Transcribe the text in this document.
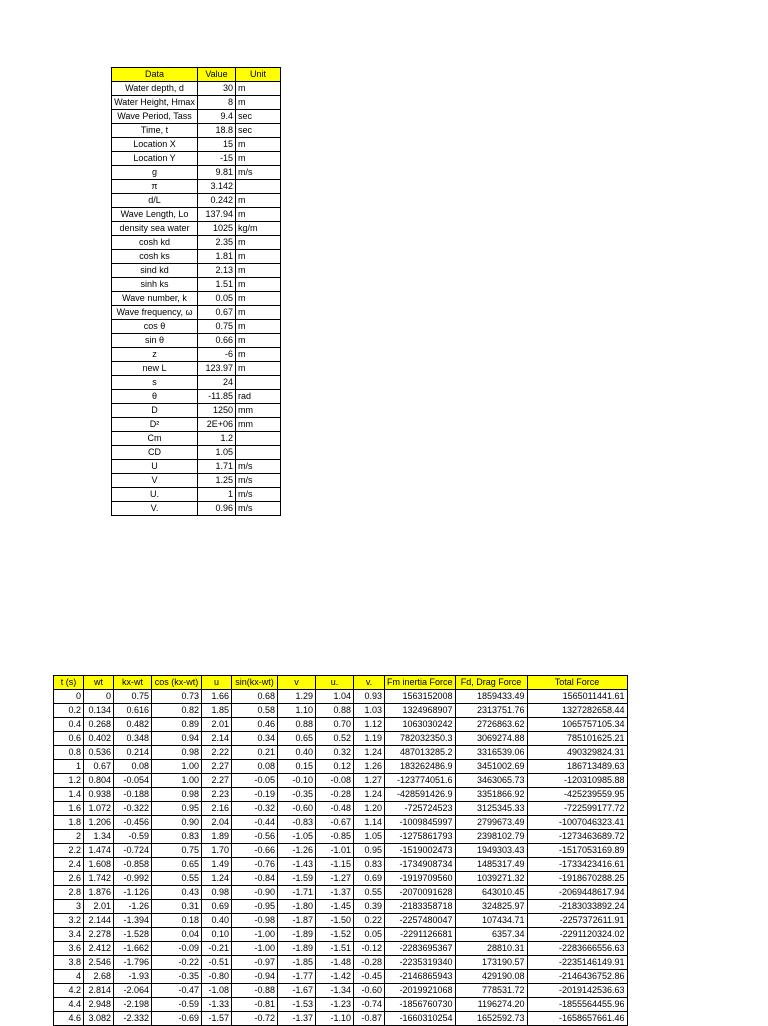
Data	Value	Unit
Water depth, d	30	m
Water Height, Hmax	8	m
Wave Period, Tass	9.4	sec
Time, t	18.8	sec
Location X	15	m
Location Y	-15	m
g	9.81	m/s
π	3.142	
d/L	0.242	m
Wave Length, Lo	137.94	m
density sea water	1025	kg/m
cosh kd	2.35	m
cosh ks	1.81	m
sind kd	2.13	m
sinh ks	1.51	m
Wave number, k	0.05	m
Wave frequency, ω	0.67	m
cos θ	0.75	m
sin θ	0.66	m
z	-6	m
new L	123.97	m
s	24	
θ	-11.85	rad
D	1250	mm
D²	2E+06	mm
Cm	1.2	
CD	1.05	
U	1.71	m/s
V	1.25	m/s
U.	1	m/s
V.	0.96	m/s
t (s)	wt	kx-wt	cos (kx-wt)	u	sin(kx-wt)	v	u.	v.	Fm inertia Force	Fd, Drag Force	Total Force
0	0	0.75	0.73	1.66	0.68	1.29	1.04	0.93	1563152008	1859433.49	1565011441.61
0.2	0.134	0.616	0.82	1.85	0.58	1.10	0.88	1.03	1324968907	2313751.76	1327282658.44
0.4	0.268	0.482	0.89	2.01	0.46	0.88	0.70	1.12	1063030242	2726863.62	1065757105.34
0.6	0.402	0.348	0.94	2.14	0.34	0.65	0.52	1.19	782032350.3	3069274.88	785101625.21
0.8	0.536	0.214	0.98	2.22	0.21	0.40	0.32	1.24	487013285.2	3316539.06	490329824.31
1	0.67	0.08	1.00	2.27	0.08	0.15	0.12	1.26	183262486.9	3451002.69	186713489.63
1.2	0.804	-0.054	1.00	2.27	-0.05	-0.10	-0.08	1.27	-123774051.6	3463065.73	-120310985.88
1.4	0.938	-0.188	0.98	2.23	-0.19	-0.35	-0.28	1.24	-428591426.9	3351866.92	-425239559.95
1.6	1.072	-0.322	0.95	2.16	-0.32	-0.60	-0.48	1.20	-725724523	3125345.33	-722599177.72
1.8	1.206	-0.456	0.90	2.04	-0.44	-0.83	-0.67	1.14	-1009845997	2799673.49	-1007046323.41
2	1.34	-0.59	0.83	1.89	-0.56	-1.05	-0.85	1.05	-1275861793	2398102.79	-1273463689.72
2.2	1.474	-0.724	0.75	1.70	-0.66	-1.26	-1.01	0.95	-1519002473	1949303.43	-1517053169.89
2.4	1.608	-0.858	0.65	1.49	-0.76	-1.43	-1.15	0.83	-1734908734	1485317.49	-1733423416.61
2.6	1.742	-0.992	0.55	1.24	-0.84	-1.59	-1.27	0.69	-1919709560	1039271.32	-1918670288.25
2.8	1.876	-1.126	0.43	0.98	-0.90	-1.71	-1.37	0.55	-2070091628	643010.45	-2069448617.94
3	2.01	-1.26	0.31	0.69	-0.95	-1.80	-1.45	0.39	-2183358718	324825.97	-2183033892.24
3.2	2.144	-1.394	0.18	0.40	-0.98	-1.87	-1.50	0.22	-2257480047	107434.71	-2257372611.91
3.4	2.278	-1.528	0.04	0.10	-1.00	-1.89	-1.52	0.05	-2291126681	6357.34	-2291120324.02
3.6	2.412	-1.662	-0.09	-0.21	-1.00	-1.89	-1.51	-0.12	-2283695367	28810.31	-2283666556.63
3.8	2.546	-1.796	-0.22	-0.51	-0.97	-1.85	-1.48	-0.28	-2235319340	173190.57	-2235146149.91
4	2.68	-1.93	-0.35	-0.80	-0.94	-1.77	-1.42	-0.45	-2146865943	429190.08	-2146436752.86
4.2	2.814	-2.064	-0.47	-1.08	-0.88	-1.67	-1.34	-0.60	-2019921068	778531.72	-2019142536.63
4.4	2.948	-2.198	-0.59	-1.33	-0.81	-1.53	-1.23	-0.74	-1856760730	1196274.20	-1855564455.96
4.6	3.082	-2.332	-0.69	-1.57	-0.72	-1.37	-1.10	-0.87	-1660310254	1652592.73	-1658657661.46
